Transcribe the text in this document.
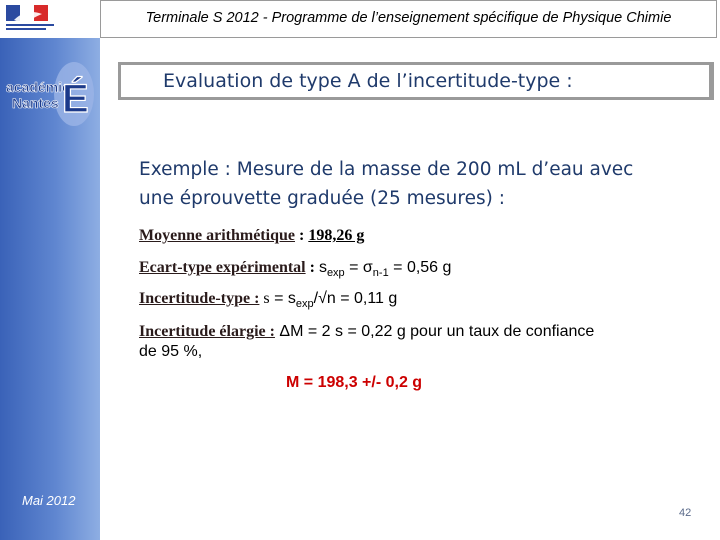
Terminale S 2012 - Programme de l’enseignement spécifique de Physique Chimie
académie
Nantes É	Evaluation de type A de l’incertitude-type :
Exemple : Mesure de la masse de 200 mL d’eau avec
une éprouvette graduée (25 mesures) :
Moyenne arithmétique : 198,26 g
Ecart-type expérimental : $s_{exp} = \sigma_{n-1} = 0,56$ g
Incertitude-type : $s = s_{exp}/√n = 0,11$ g
Incertitude élargie : ΔM = 2 s = 0,22 g pour un taux de confiance
de 95 %,
M = 198,3 +/- 0,2 g
Mai 2012
42
